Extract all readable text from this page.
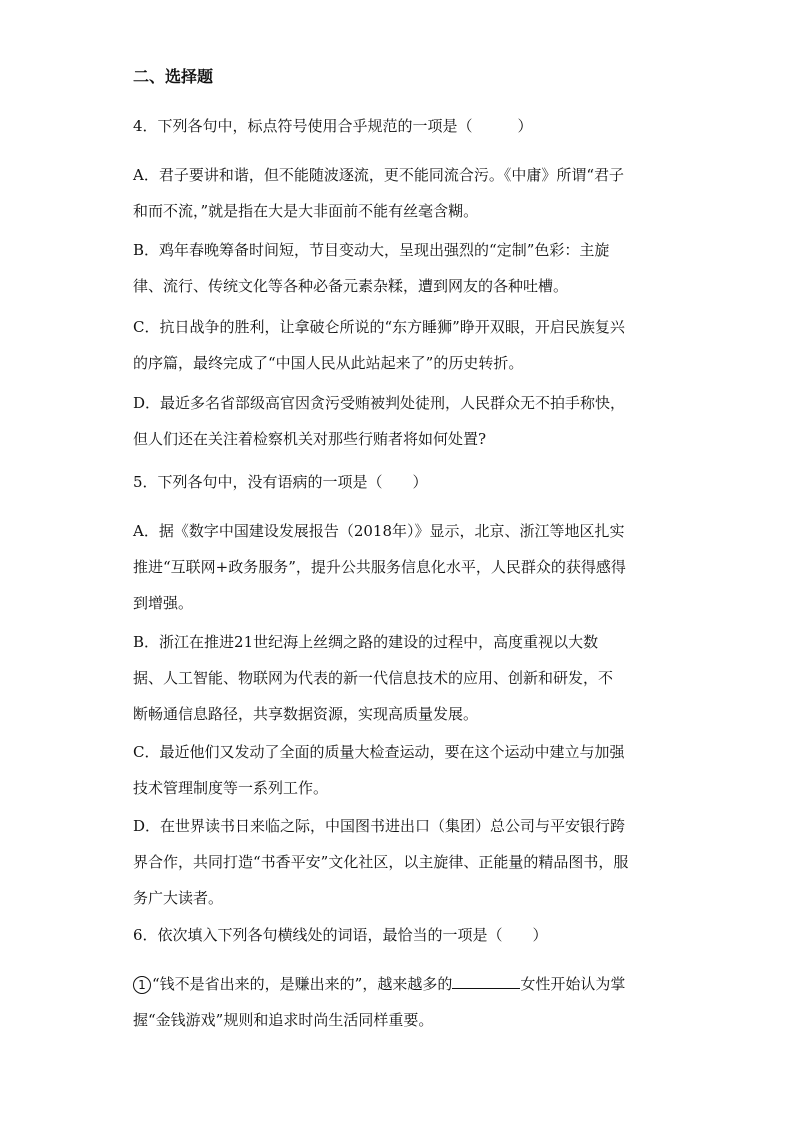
二、选择题
4．下列各句中，标点符号使用合乎规范的一项是（　　　）
A．君子要讲和谐，但不能随波逐流，更不能同流合污。《中庸》所谓“君子
和而不流，”就是指在大是大非面前不能有丝毫含糊。
B．鸡年春晚筹备时间短，节目变动大，呈现出强烈的“定制”色彩：主旋
律、流行、传统文化等各种必备元素杂糅，遭到网友的各种吐槽。
C．抗日战争的胜利，让拿破仑所说的“东方睡狮”睁开双眼，开启民族复兴
的序篇，最终完成了“中国人民从此站起来了”的历史转折。
D．最近多名省部级高官因贪污受贿被判处徒刑，人民群众无不拍手称快，
但人们还在关注着检察机关对那些行贿者将如何处置?
5．下列各句中，没有语病的一项是（　　）
A．据《数字中国建设发展报告（2018年）》显示，北京、浙江等地区扎实
推进“互联网+政务服务”，提升公共服务信息化水平，人民群众的获得感得
到增强。
B．浙江在推进21世纪海上丝绸之路的建设的过程中，高度重视以大数
据、人工智能、物联网为代表的新一代信息技术的应用、创新和研发，不
断畅通信息路径，共享数据资源，实现高质量发展。
C．最近他们又发动了全面的质量大检查运动，要在这个运动中建立与加强
技术管理制度等一系列工作。
D．在世界读书日来临之际，中国图书进出口（集团）总公司与平安银行跨
界合作，共同打造“书香平安”文化社区，以主旋律、正能量的精品图书，服
务广大读者。
6．依次填入下列各句横线处的词语，最恰当的一项是（　　）
1 “钱不是省出来的，是赚出来的”，越来越多的	女性开始认为掌
握“金钱游戏”规则和追求时尚生活同样重要。
